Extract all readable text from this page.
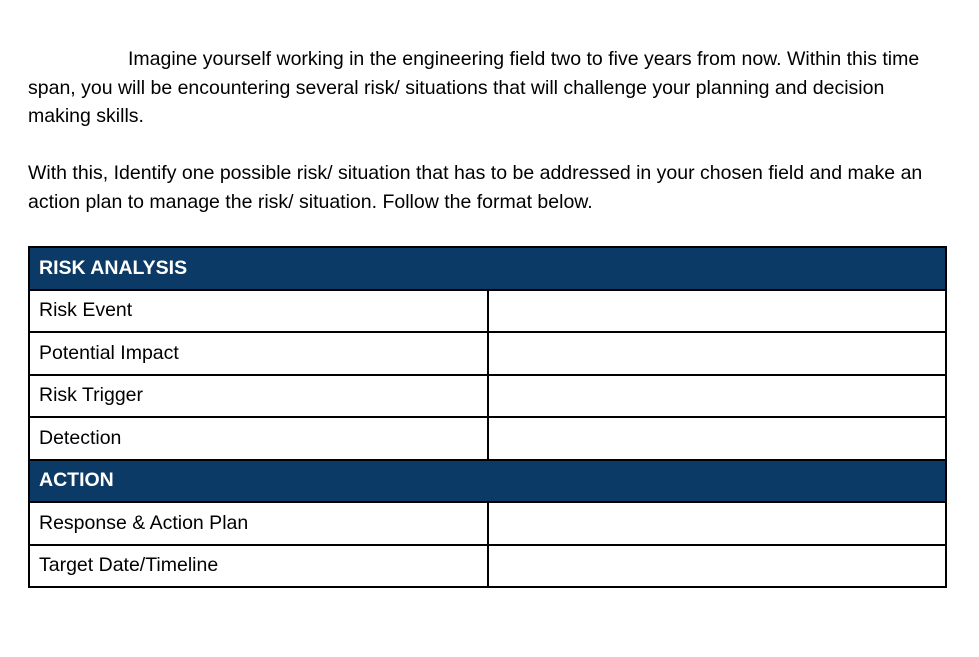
Imagine yourself working in the engineering field two to five years from now. Within this time span, you will be encountering several risk/ situations that will challenge your planning and decision making skills.

With this, Identify one possible risk/ situation that has to be addressed in your chosen field and make an action plan to manage the risk/ situation. Follow the format below.

RISK ANALYSIS	
Risk Event	
Potential Impact	
Risk Trigger	
Detection	
ACTION	
Response & Action Plan	
Target Date/Timeline	
